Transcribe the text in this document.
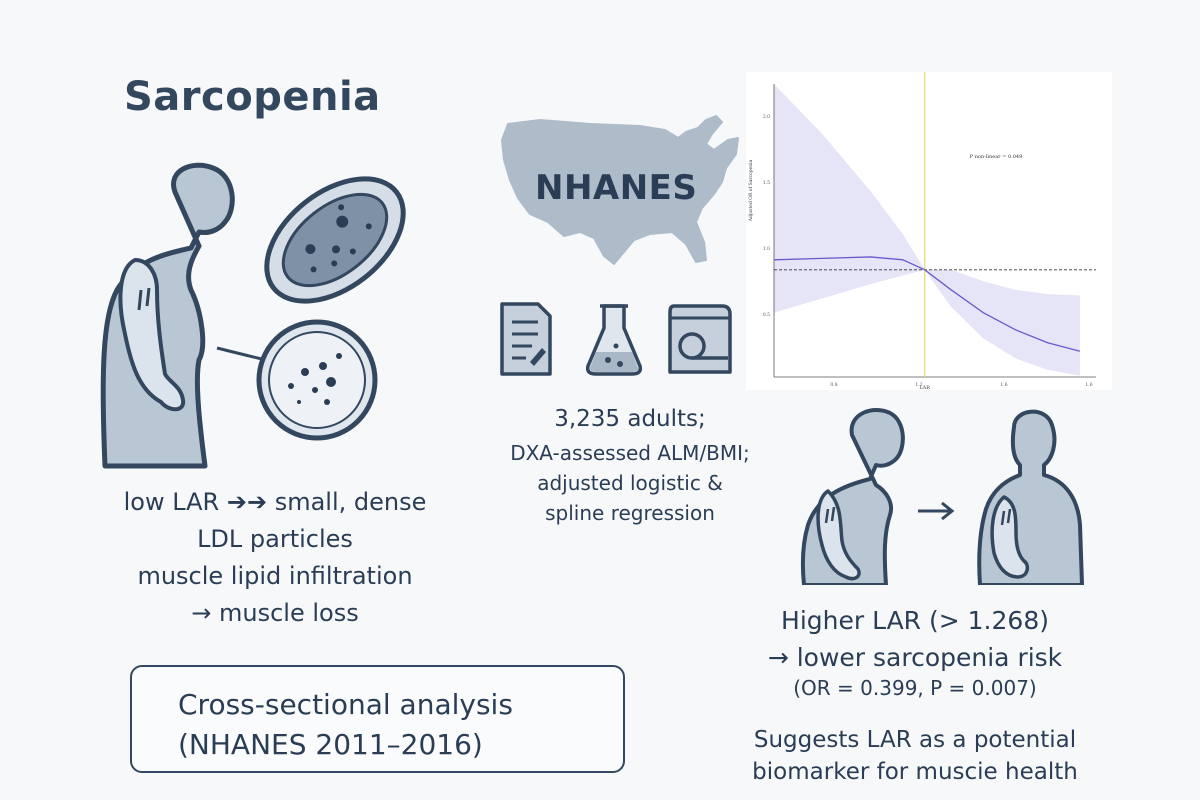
Sarcopenia
low LAR ➔➔ small, dense
LDL particles
muscle lipid infiltration
→ muscle loss
Cross-sectional analysis
(NHANES 2011–2016)
NHANES
3,235 adults;
DXA-assessed ALM/BMI;
adjusted logistic &
spline regression
0.8	1.2	1.6	1.6
2.0
1.5
1.0
0.5
LAR
Adjusted OR of Sarcopenia
P non-linear = 0.049
Higher LAR (> 1.268)
→ lower sarcopenia risk
(OR = 0.399, P = 0.007)
Suggests LAR as a potential
biomarker for muscie health
